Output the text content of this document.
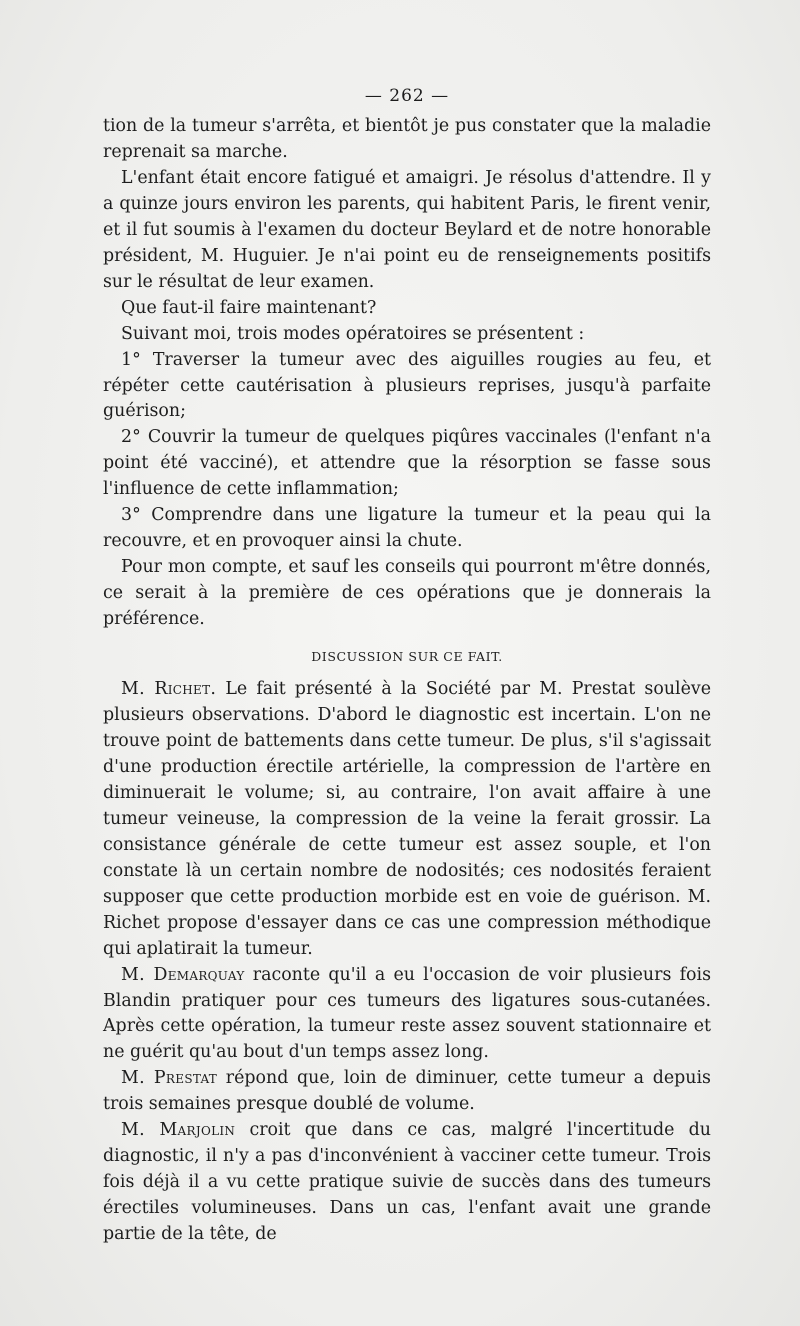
— 262 —

tion de la tumeur s'arrêta, et bientôt je pus constater que la maladie reprenait sa marche.

L'enfant était encore fatigué et amaigri. Je résolus d'attendre. Il y a quinze jours environ les parents, qui habitent Paris, le firent venir, et il fut soumis à l'examen du docteur Beylard et de notre honorable président, M. Huguier. Je n'ai point eu de renseignements positifs sur le résultat de leur examen.

Que faut-il faire maintenant?

Suivant moi, trois modes opératoires se présentent :

1° Traverser la tumeur avec des aiguilles rougies au feu, et répéter cette cautérisation à plusieurs reprises, jusqu'à parfaite guérison;

2° Couvrir la tumeur de quelques piqûres vaccinales (l'enfant n'a point été vacciné), et attendre que la résorption se fasse sous l'influence de cette inflammation;

3° Comprendre dans une ligature la tumeur et la peau qui la recouvre, et en provoquer ainsi la chute.

Pour mon compte, et sauf les conseils qui pourront m'être donnés, ce serait à la première de ces opérations que je donnerais la préférence.

DISCUSSION SUR CE FAIT.

M. Richet. Le fait présenté à la Société par M. Prestat soulève plusieurs observations. D'abord le diagnostic est incertain. L'on ne trouve point de battements dans cette tumeur. De plus, s'il s'agissait d'une production érectile artérielle, la compression de l'artère en diminuerait le volume; si, au contraire, l'on avait affaire à une tumeur veineuse, la compression de la veine la ferait grossir. La consistance générale de cette tumeur est assez souple, et l'on constate là un certain nombre de nodosités; ces nodosités feraient supposer que cette production morbide est en voie de guérison. M. Richet propose d'essayer dans ce cas une compression méthodique qui aplatirait la tumeur.

M. Demarquay raconte qu'il a eu l'occasion de voir plusieurs fois Blandin pratiquer pour ces tumeurs des ligatures sous-cutanées. Après cette opération, la tumeur reste assez souvent stationnaire et ne guérit qu'au bout d'un temps assez long.

M. Prestat répond que, loin de diminuer, cette tumeur a depuis trois semaines presque doublé de volume.

M. Marjolin croit que dans ce cas, malgré l'incertitude du diagnostic, il n'y a pas d'inconvénient à vacciner cette tumeur. Trois fois déjà il a vu cette pratique suivie de succès dans des tumeurs érectiles volumineuses. Dans un cas, l'enfant avait une grande partie de la tête, de
